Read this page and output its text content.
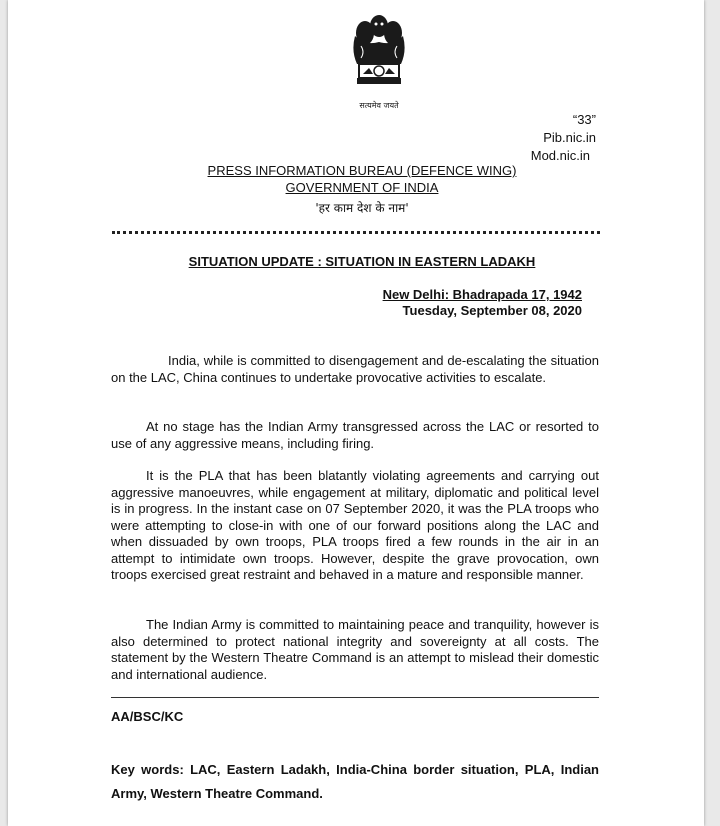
सत्यमेव जयते
“33”
Pib.nic.in
Mod.nic.in
PRESS INFORMATION BUREAU (DEFENCE WING)
GOVERNMENT OF INDIA
'हर काम देश के नाम'
SITUATION UPDATE : SITUATION IN EASTERN LADAKH
New Delhi: Bhadrapada 17, 1942
Tuesday, September 08, 2020
India, while is committed to disengagement and de-escalating the situation on the LAC, China continues to undertake provocative activities to escalate.
At no stage has the Indian Army transgressed across the LAC or resorted to use of any aggressive means, including firing.
It is the PLA that has been blatantly violating agreements and carrying out aggressive manoeuvres, while engagement at military, diplomatic and political level is in progress. In the instant case on 07 September 2020, it was the PLA troops who were attempting to close-in with one of our forward positions along the LAC and when dissuaded by own troops, PLA troops fired a few rounds in the air in an attempt to intimidate own troops. However, despite the grave provocation, own troops exercised great restraint and behaved in a mature and responsible manner.
The Indian Army is committed to maintaining peace and tranquility, however is also determined to protect national integrity and sovereignty at all costs. The statement by the Western Theatre Command is an attempt to mislead their domestic and international audience.
AA/BSC/KC
Key words: LAC, Eastern Ladakh, India-China border situation, PLA, Indian Army, Western Theatre Command.
